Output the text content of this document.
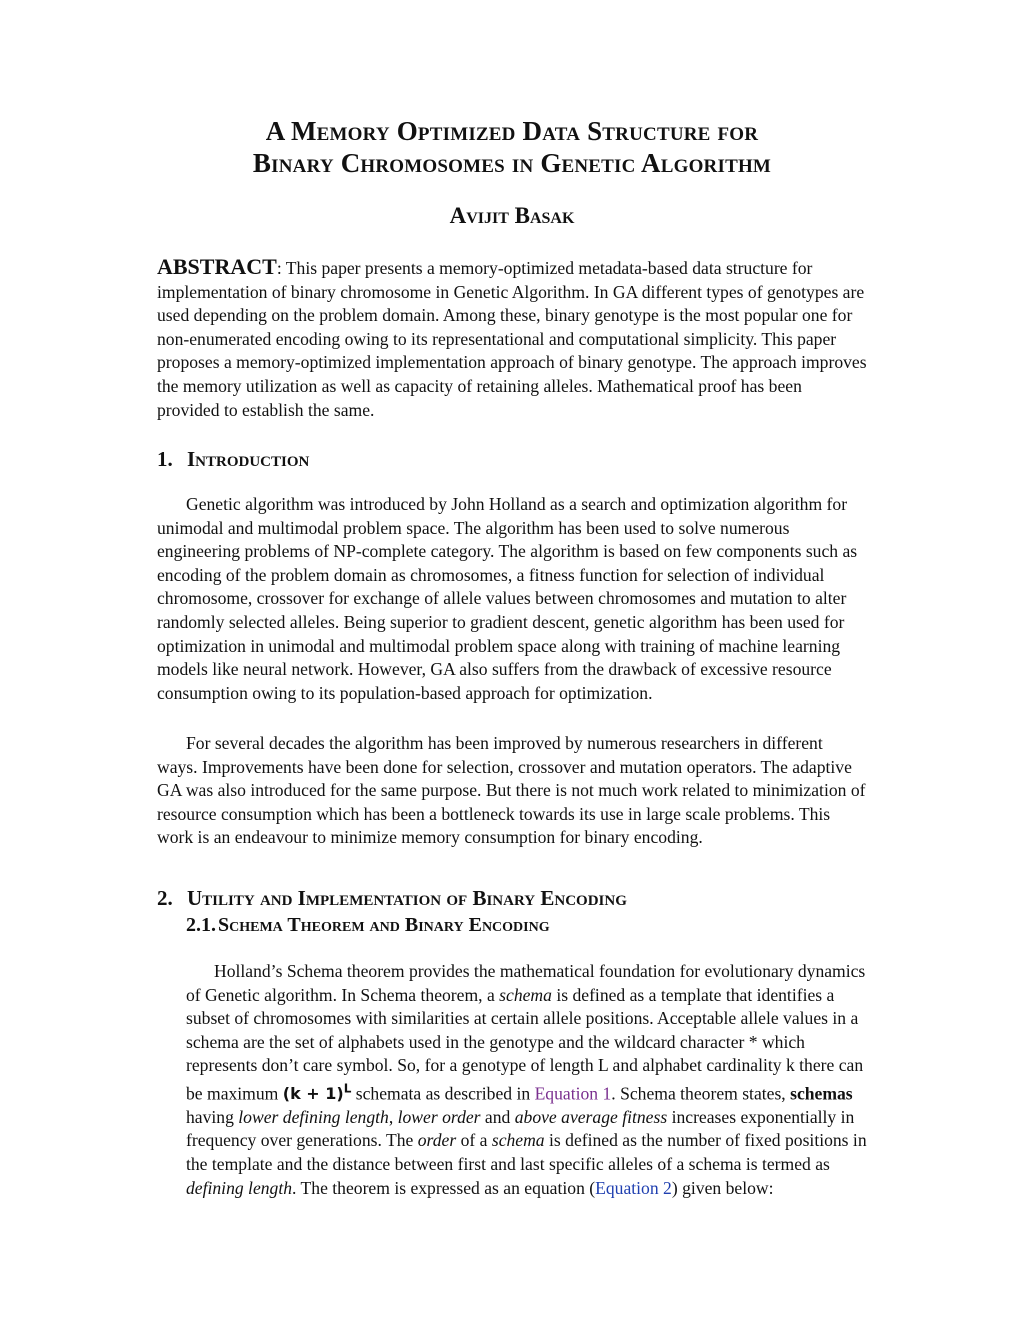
A Memory Optimized Data Structure for
Binary Chromosomes in Genetic Algorithm
Avijit Basak

ABSTRACT: This paper presents a memory-optimized metadata-based data structure for implementation of binary chromosome in Genetic Algorithm. In GA different types of genotypes are used depending on the problem domain. Among these, binary genotype is the most popular one for non-enumerated encoding owing to its representational and computational simplicity. This paper proposes a memory-optimized implementation approach of binary genotype. The approach improves the memory utilization as well as capacity of retaining alleles. Mathematical proof has been provided to establish the same.

1. Introduction

Genetic algorithm was introduced by John Holland as a search and optimization algorithm for unimodal and multimodal problem space. The algorithm has been used to solve numerous engineering problems of NP-complete category. The algorithm is based on few components such as encoding of the problem domain as chromosomes, a fitness function for selection of individual chromosome, crossover for exchange of allele values between chromosomes and mutation to alter randomly selected alleles. Being superior to gradient descent, genetic algorithm has been used for optimization in unimodal and multimodal problem space along with training of machine learning models like neural network. However, GA also suffers from the drawback of excessive resource consumption owing to its population-based approach for optimization.

For several decades the algorithm has been improved by numerous researchers in different ways. Improvements have been done for selection, crossover and mutation operators. The adaptive GA was also introduced for the same purpose. But there is not much work related to minimization of resource consumption which has been a bottleneck towards its use in large scale problems. This work is an endeavour to minimize memory consumption for binary encoding.

2. Utility and Implementation of Binary Encoding
2.1. Schema Theorem and Binary Encoding

Holland’s Schema theorem provides the mathematical foundation for evolutionary dynamics of Genetic algorithm. In Schema theorem, a schema is defined as a template that identifies a subset of chromosomes with similarities at certain allele positions. Acceptable allele values in a schema are the set of alphabets used in the genotype and the wildcard character * which represents don’t care symbol. So, for a genotype of length L and alphabet cardinality k there can be maximum $(k + 1)^L$ schemata as described in Equation 1. Schema theorem states, schemas having lower defining length, lower order and above average fitness increases exponentially in frequency over generations. The order of a schema is defined as the number of fixed positions in the template and the distance between first and last specific alleles of a schema is termed as defining length. The theorem is expressed as an equation (Equation 2) given below:
